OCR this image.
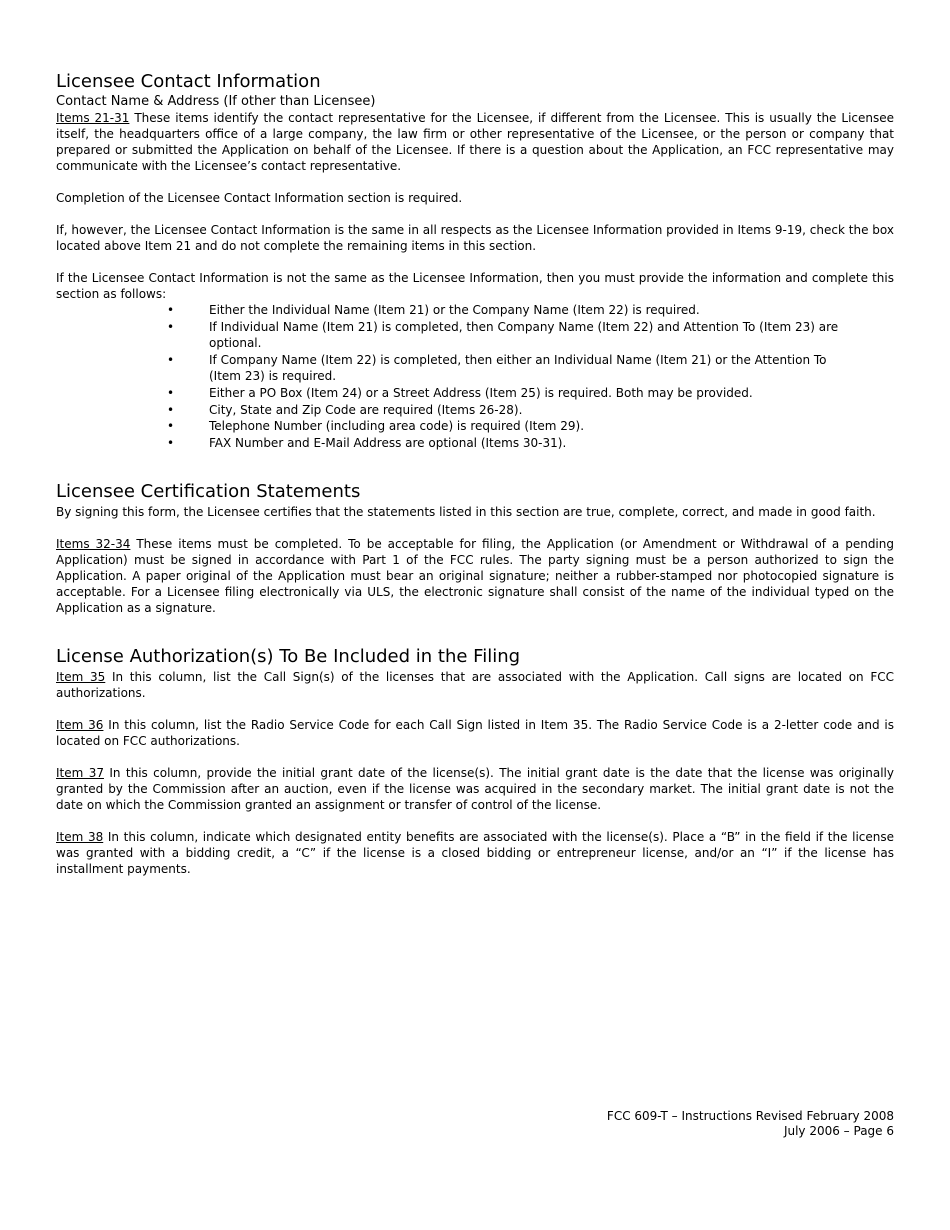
Licensee Contact Information
Contact Name & Address (If other than Licensee)

Items 21-31 These items identify the contact representative for the Licensee, if different from the Licensee. This is usually the Licensee itself, the headquarters office of a large company, the law firm or other representative of the Licensee, or the person or company that prepared or submitted the Application on behalf of the Licensee. If there is a question about the Application, an FCC representative may communicate with the Licensee’s contact representative.

Completion of the Licensee Contact Information section is required.

If, however, the Licensee Contact Information is the same in all respects as the Licensee Information provided in Items 9-19, check the box located above Item 21 and do not complete the remaining items in this section.

If the Licensee Contact Information is not the same as the Licensee Information, then you must provide the information and complete this section as follows:

•	Either the Individual Name (Item 21) or the Company Name (Item 22) is required.
•	If Individual Name (Item 21) is completed, then Company Name (Item 22) and Attention To (Item 23) are optional.
•	If Company Name (Item 22) is completed, then either an Individual Name (Item 21) or the Attention To (Item 23) is required.
•	Either a PO Box (Item 24) or a Street Address (Item 25) is required. Both may be provided.
•	City, State and Zip Code are required (Items 26-28).
•	Telephone Number (including area code) is required (Item 29).
•	FAX Number and E-Mail Address are optional (Items 30-31).
Licensee Certification Statements

By signing this form, the Licensee certifies that the statements listed in this section are true, complete, correct, and made in good faith.

Items 32-34 These items must be completed. To be acceptable for filing, the Application (or Amendment or Withdrawal of a pending Application) must be signed in accordance with Part 1 of the FCC rules. The party signing must be a person authorized to sign the Application. A paper original of the Application must bear an original signature; neither a rubber-stamped nor photocopied signature is acceptable. For a Licensee filing electronically via ULS, the electronic signature shall consist of the name of the individual typed on the Application as a signature.

License Authorization(s) To Be Included in the Filing

Item 35 In this column, list the Call Sign(s) of the licenses that are associated with the Application. Call signs are located on FCC authorizations.

Item 36 In this column, list the Radio Service Code for each Call Sign listed in Item 35. The Radio Service Code is a 2-letter code and is located on FCC authorizations.

Item 37 In this column, provide the initial grant date of the license(s). The initial grant date is the date that the license was originally granted by the Commission after an auction, even if the license was acquired in the secondary market. The initial grant date is not the date on which the Commission granted an assignment or transfer of control of the license.

Item 38 In this column, indicate which designated entity benefits are associated with the license(s). Place a “B” in the field if the license was granted with a bidding credit, a “C” if the license is a closed bidding or entrepreneur license, and/or an “I” if the license has installment payments.

FCC 609-T – Instructions Revised February 2008
July 2006 – Page 6
